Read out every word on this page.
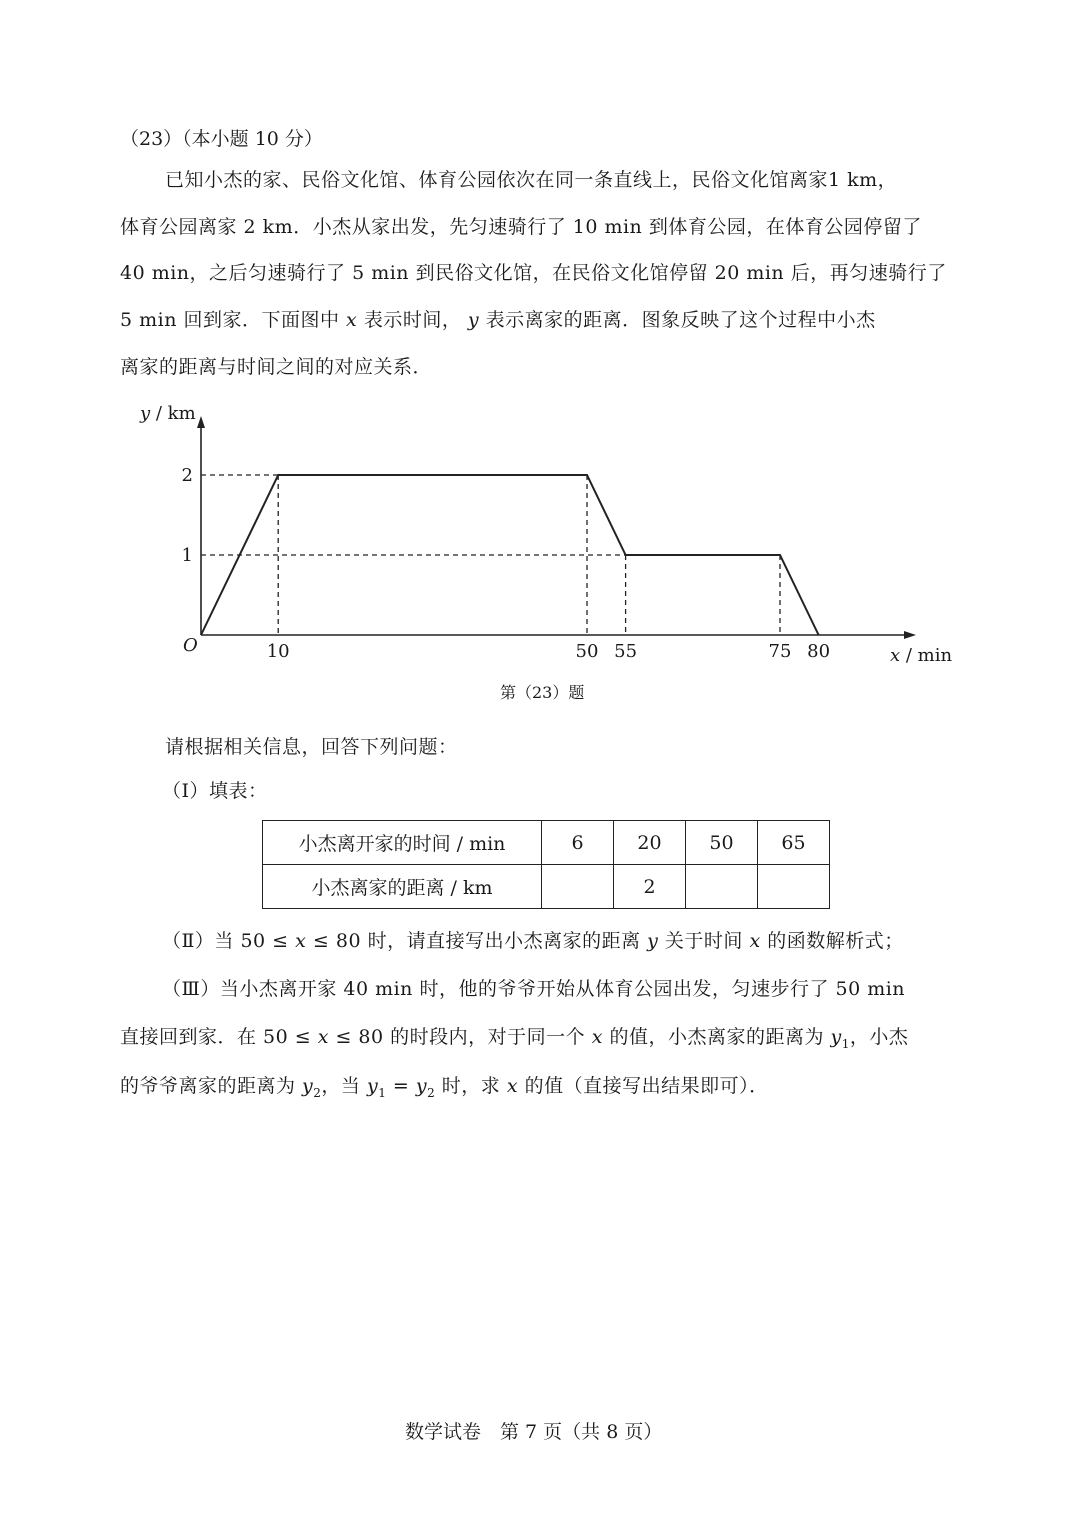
（23）（本小题 10 分）
已知小杰的家、民俗文化馆、体育公园依次在同一条直线上，民俗文化馆离家1 km，
体育公园离家 2 km．小杰从家出发，先匀速骑行了 10 min 到体育公园，在体育公园停留了
40 min，之后匀速骑行了 5 min 到民俗文化馆，在民俗文化馆停留 20 min 后，再匀速骑行了
5 min 回到家．下面图中 x 表示时间， y 表示离家的距离．图象反映了这个过程中小杰
离家的距离与时间之间的对应关系．
10	50 55	75 80
1
2
O	x / min
y / km
第（23）题
请根据相关信息，回答下列问题：
（Ⅰ）填表：
小杰离开家的时间 / min	6	20	50	65
小杰离家的距离 / km		2		
（Ⅱ）当 50 ≤ x ≤ 80 时，请直接写出小杰离家的距离 y 关于时间 x 的函数解析式；
（Ⅲ）当小杰离开家 40 min 时，他的爷爷开始从体育公园出发，匀速步行了 50 min
直接回到家．在 50 ≤ x ≤ 80 的时段内，对于同一个 x 的值，小杰离家的距离为 $y_1$，小杰
的爷爷离家的距离为 $y_2$，当 $y_1 = y_2$ 时，求 x 的值（直接写出结果即可）．
数学试卷　第 7 页（共 8 页）
